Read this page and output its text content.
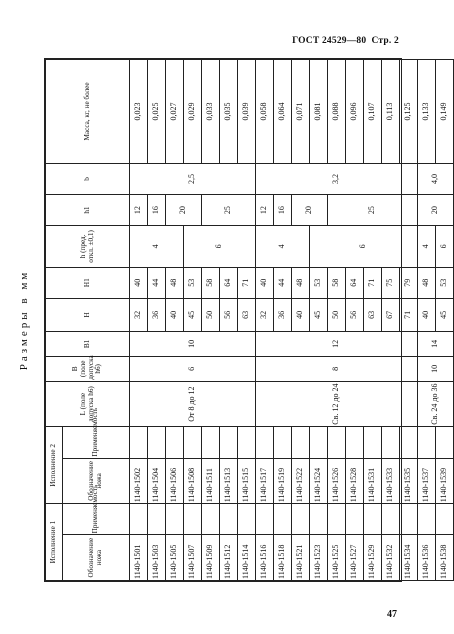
ГОСТ 24529—80 Стр. 2
Размеры в мм
Исполнение 1		Исполнение 2		L (поле допуска h6)	B (поле допуска h6)	B1	H	H1	h (пред. откл. ±0,1)	h1	b	Масса, кг, не более
Обозначение ножа	Применяемость	Обозначение ножа	Применяемость									
1140-1501		1140-1502		От 8 до 12	6	10	32	40	4	12	2,5	0,023
1140-1503		1140-1504					36	44		16		0,025
1140-1505		1140-1506					40	48		20		0,027
1140-1507		1140-1508					45	53	6			0,029
1140-1509		1140-1511					50	58		25		0,033
1140-1512		1140-1513					56	64				0,035
1140-1514		1140-1515					63	71				0,039
1140-1516		1140-1517		Св. 12 до 24	8	12	32	40	4	12	3,2	0,058
1140-1518		1140-1519					36	44		16		0,064
1140-1521		1140-1522					40	48		20		0,071
1140-1523		1140-1524					45	53	6			0,081
1140-1525		1140-1526					50	58		25		0,088
1140-1527		1140-1528					56	64				0,096
1140-1529		1140-1531					63	71				0,107
1140-1532		1140-1533					67	75				0,113
1140-1534		1140-1535					71	79				0,125
1140-1536		1140-1537		Св. 24 до 36	10	14	40	48	4	20	4,0	0,133
1140-1538		1140-1539					45	53	6			0,149
47
